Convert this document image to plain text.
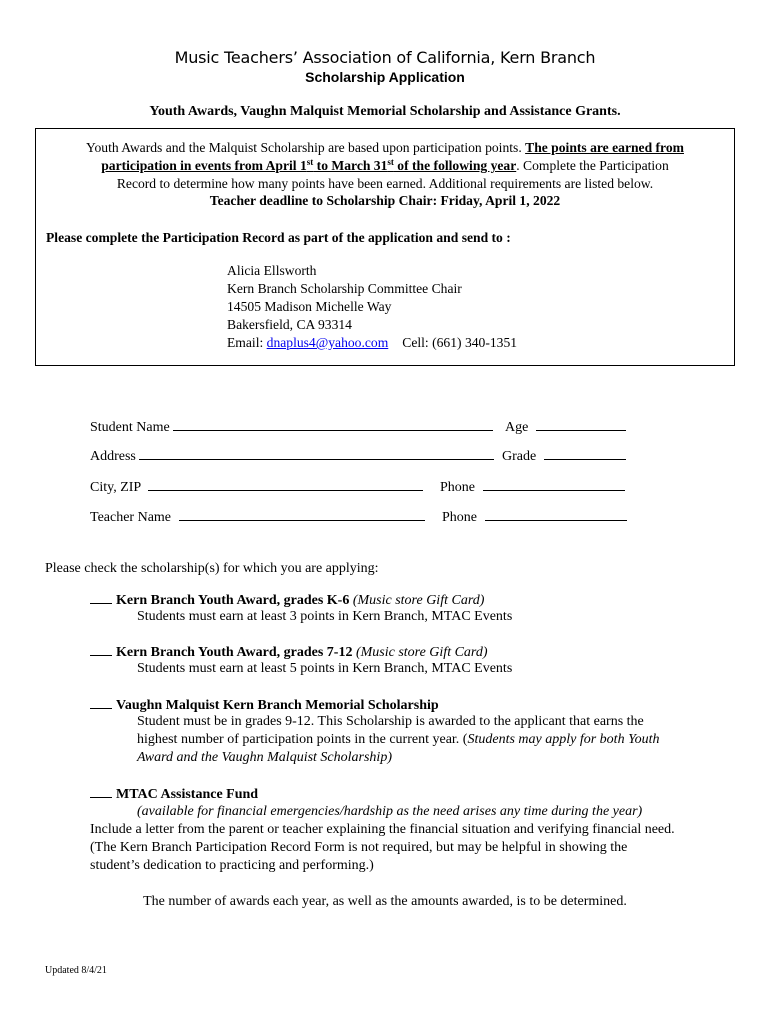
Music Teachers’ Association of California, Kern Branch
Scholarship Application
Youth Awards, Vaughn Malquist Memorial Scholarship and Assistance Grants.
Youth Awards and the Malquist Scholarship are based upon participation points. The points are earned from
participation in events from April 1st to March 31st of the following year. Complete the Participation
Record to determine how many points have been earned. Additional requirements are listed below.
Teacher deadline to Scholarship Chair: Friday, April 1, 2022
Please complete the Participation Record as part of the application and send to :
Alicia Ellsworth
Kern Branch Scholarship Committee Chair
14505 Madison Michelle Way
Bakersfield, CA 93314
Email: dnaplus4@yahoo.com Cell: (661) 340-1351
Student Name	Age
Address	Grade
City, ZIP	Phone
Teacher Name	Phone
Please check the scholarship(s) for which you are applying:
Kern Branch Youth Award, grades K-6 (Music store Gift Card)
Students must earn at least 3 points in Kern Branch, MTAC Events
Kern Branch Youth Award, grades 7-12 (Music store Gift Card)
Students must earn at least 5 points in Kern Branch, MTAC Events
Vaughn Malquist Kern Branch Memorial Scholarship
Student must be in grades 9-12. This Scholarship is awarded to the applicant that earns the
highest number of participation points in the current year. (Students may apply for both Youth
Award and the Vaughn Malquist Scholarship)
MTAC Assistance Fund
(available for financial emergencies/hardship as the need arises any time during the year)
Include a letter from the parent or teacher explaining the financial situation and verifying financial need.
(The Kern Branch Participation Record Form is not required, but may be helpful in showing the
student’s dedication to practicing and performing.)
The number of awards each year, as well as the amounts awarded, is to be determined.
Updated 8/4/21
